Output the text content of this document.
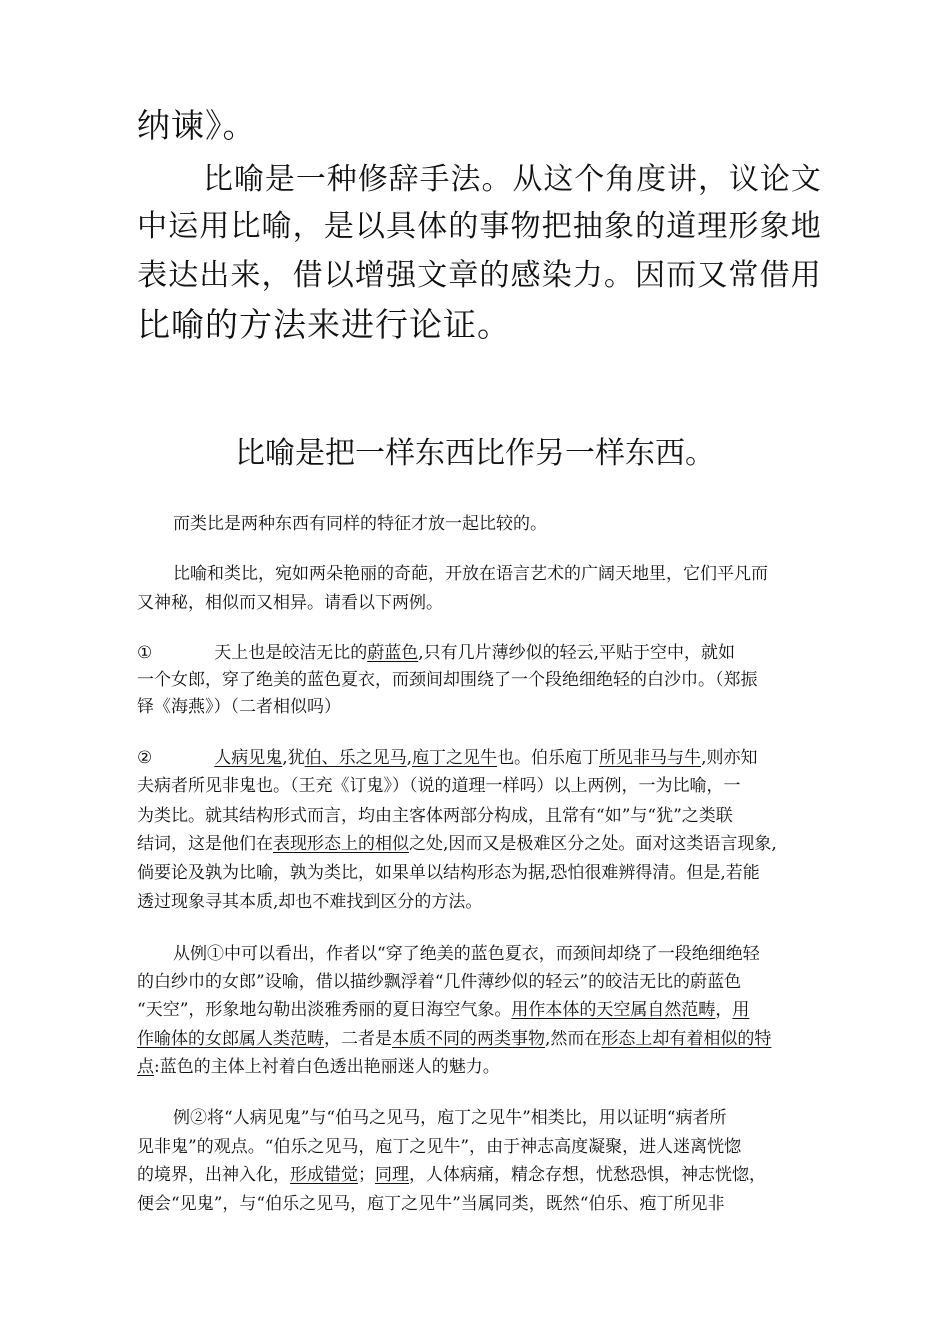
纳谏》。
比喻是一种修辞手法。从这个角度讲，议论文
中运用比喻，是以具体的事物把抽象的道理形象地
表达出来，借以增强文章的感染力。因而又常借用
比喻的方法来进行论证。
比喻是把一样东西比作另一样东西。
而类比是两种东西有同样的特征才放一起比较的。
比喻和类比，宛如两朵艳丽的奇葩，开放在语言艺术的广阔天地里，它们平凡而
又神秘，相似而又相异。请看以下两例。
①	天上也是皎洁无比的蔚蓝色,只有几片薄纱似的轻云,平贴于空中，就如
一个女郎，穿了绝美的蓝色夏衣，而颈间却围绕了一个段绝细绝轻的白沙巾。（郑振
铎《海燕》）（二者相似吗）
②	人病见鬼,犹伯、乐之见马,庖丁之见牛也。伯乐庖丁所见非马与牛,则亦知
夫病者所见非鬼也。（王充《订鬼》）（说的道理一样吗）以上两例，一为比喻，一
为类比。就其结构形式而言，均由主客体两部分构成，且常有“如”与“犹”之类联
结词，这是他们在表现形态上的相似之处,因而又是极难区分之处。面对这类语言现象,
倘要论及孰为比喻，孰为类比，如果单以结构形态为据,恐怕很难辨得清。但是,若能
透过现象寻其本质,却也不难找到区分的方法。
从例①中可以看出，作者以“穿了绝美的蓝色夏衣，而颈间却绕了一段绝细绝轻
的白纱巾的女郎”设喻，借以描纱飘浮着“几件薄纱似的轻云”的皎洁无比的蔚蓝色
“天空”，形象地勾勒出淡雅秀丽的夏日海空气象。用作本体的天空属自然范畴，用
作喻体的女郎属人类范畴，二者是本质不同的两类事物,然而在形态上却有着相似的特
点:蓝色的主体上衬着白色透出艳丽迷人的魅力。
例②将“人病见鬼”与“伯马之见马，庖丁之见牛”相类比，用以证明“病者所
见非鬼”的观点。“伯乐之见马，庖丁之见牛”，由于神志高度凝聚，进人迷离恍惚
的境界，出神入化，形成错觉；同理，人体病痛，精念存想，忧愁恐惧，神志恍惚，
便会“见鬼”，与“伯乐之见马，庖丁之见牛”当属同类，既然“伯乐、疱丁所见非
